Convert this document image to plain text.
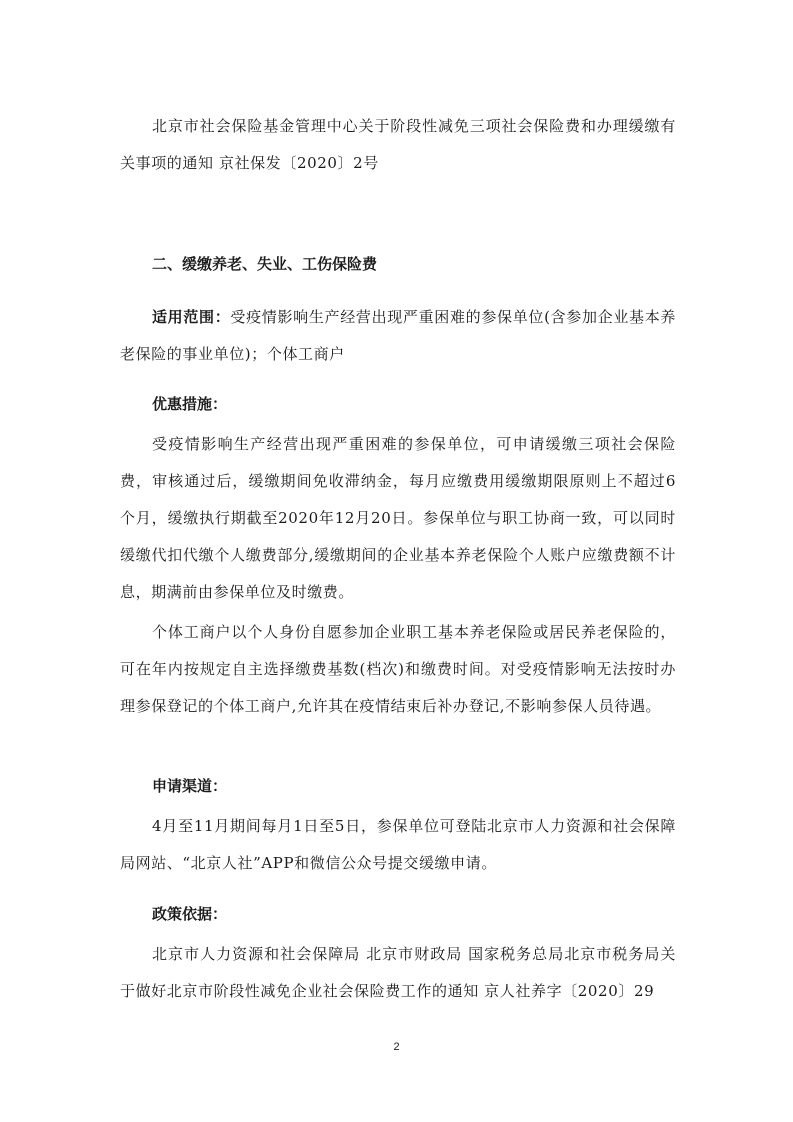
北京市社会保险基金管理中心关于阶段性减免三项社会保险费和办理缓缴有关事项的通知 京社保发〔2020〕2号

二、缓缴养老、失业、工伤保险费

适用范围：受疫情影响生产经营出现严重困难的参保单位(含参加企业基本养老保险的事业单位)；个体工商户

优惠措施：

受疫情影响生产经营出现严重困难的参保单位，可申请缓缴三项社会保险费，审核通过后，缓缴期间免收滞纳金，每月应缴费用缓缴期限原则上不超过6个月，缓缴执行期截至2020年12月20日。参保单位与职工协商一致，可以同时缓缴代扣代缴个人缴费部分,缓缴期间的企业基本养老保险个人账户应缴费额不计息，期满前由参保单位及时缴费。

个体工商户以个人身份自愿参加企业职工基本养老保险或居民养老保险的，可在年内按规定自主选择缴费基数(档次)和缴费时间。对受疫情影响无法按时办理参保登记的个体工商户,允许其在疫情结束后补办登记,不影响参保人员待遇。

申请渠道：

4月至11月期间每月1日至5日，参保单位可登陆北京市人力资源和社会保障局网站、“北京人社”APP和微信公众号提交缓缴申请。

政策依据：

北京市人力资源和社会保障局 北京市财政局 国家税务总局北京市税务局关于做好北京市阶段性减免企业社会保险费工作的通知 京人社养字〔2020〕29

2
